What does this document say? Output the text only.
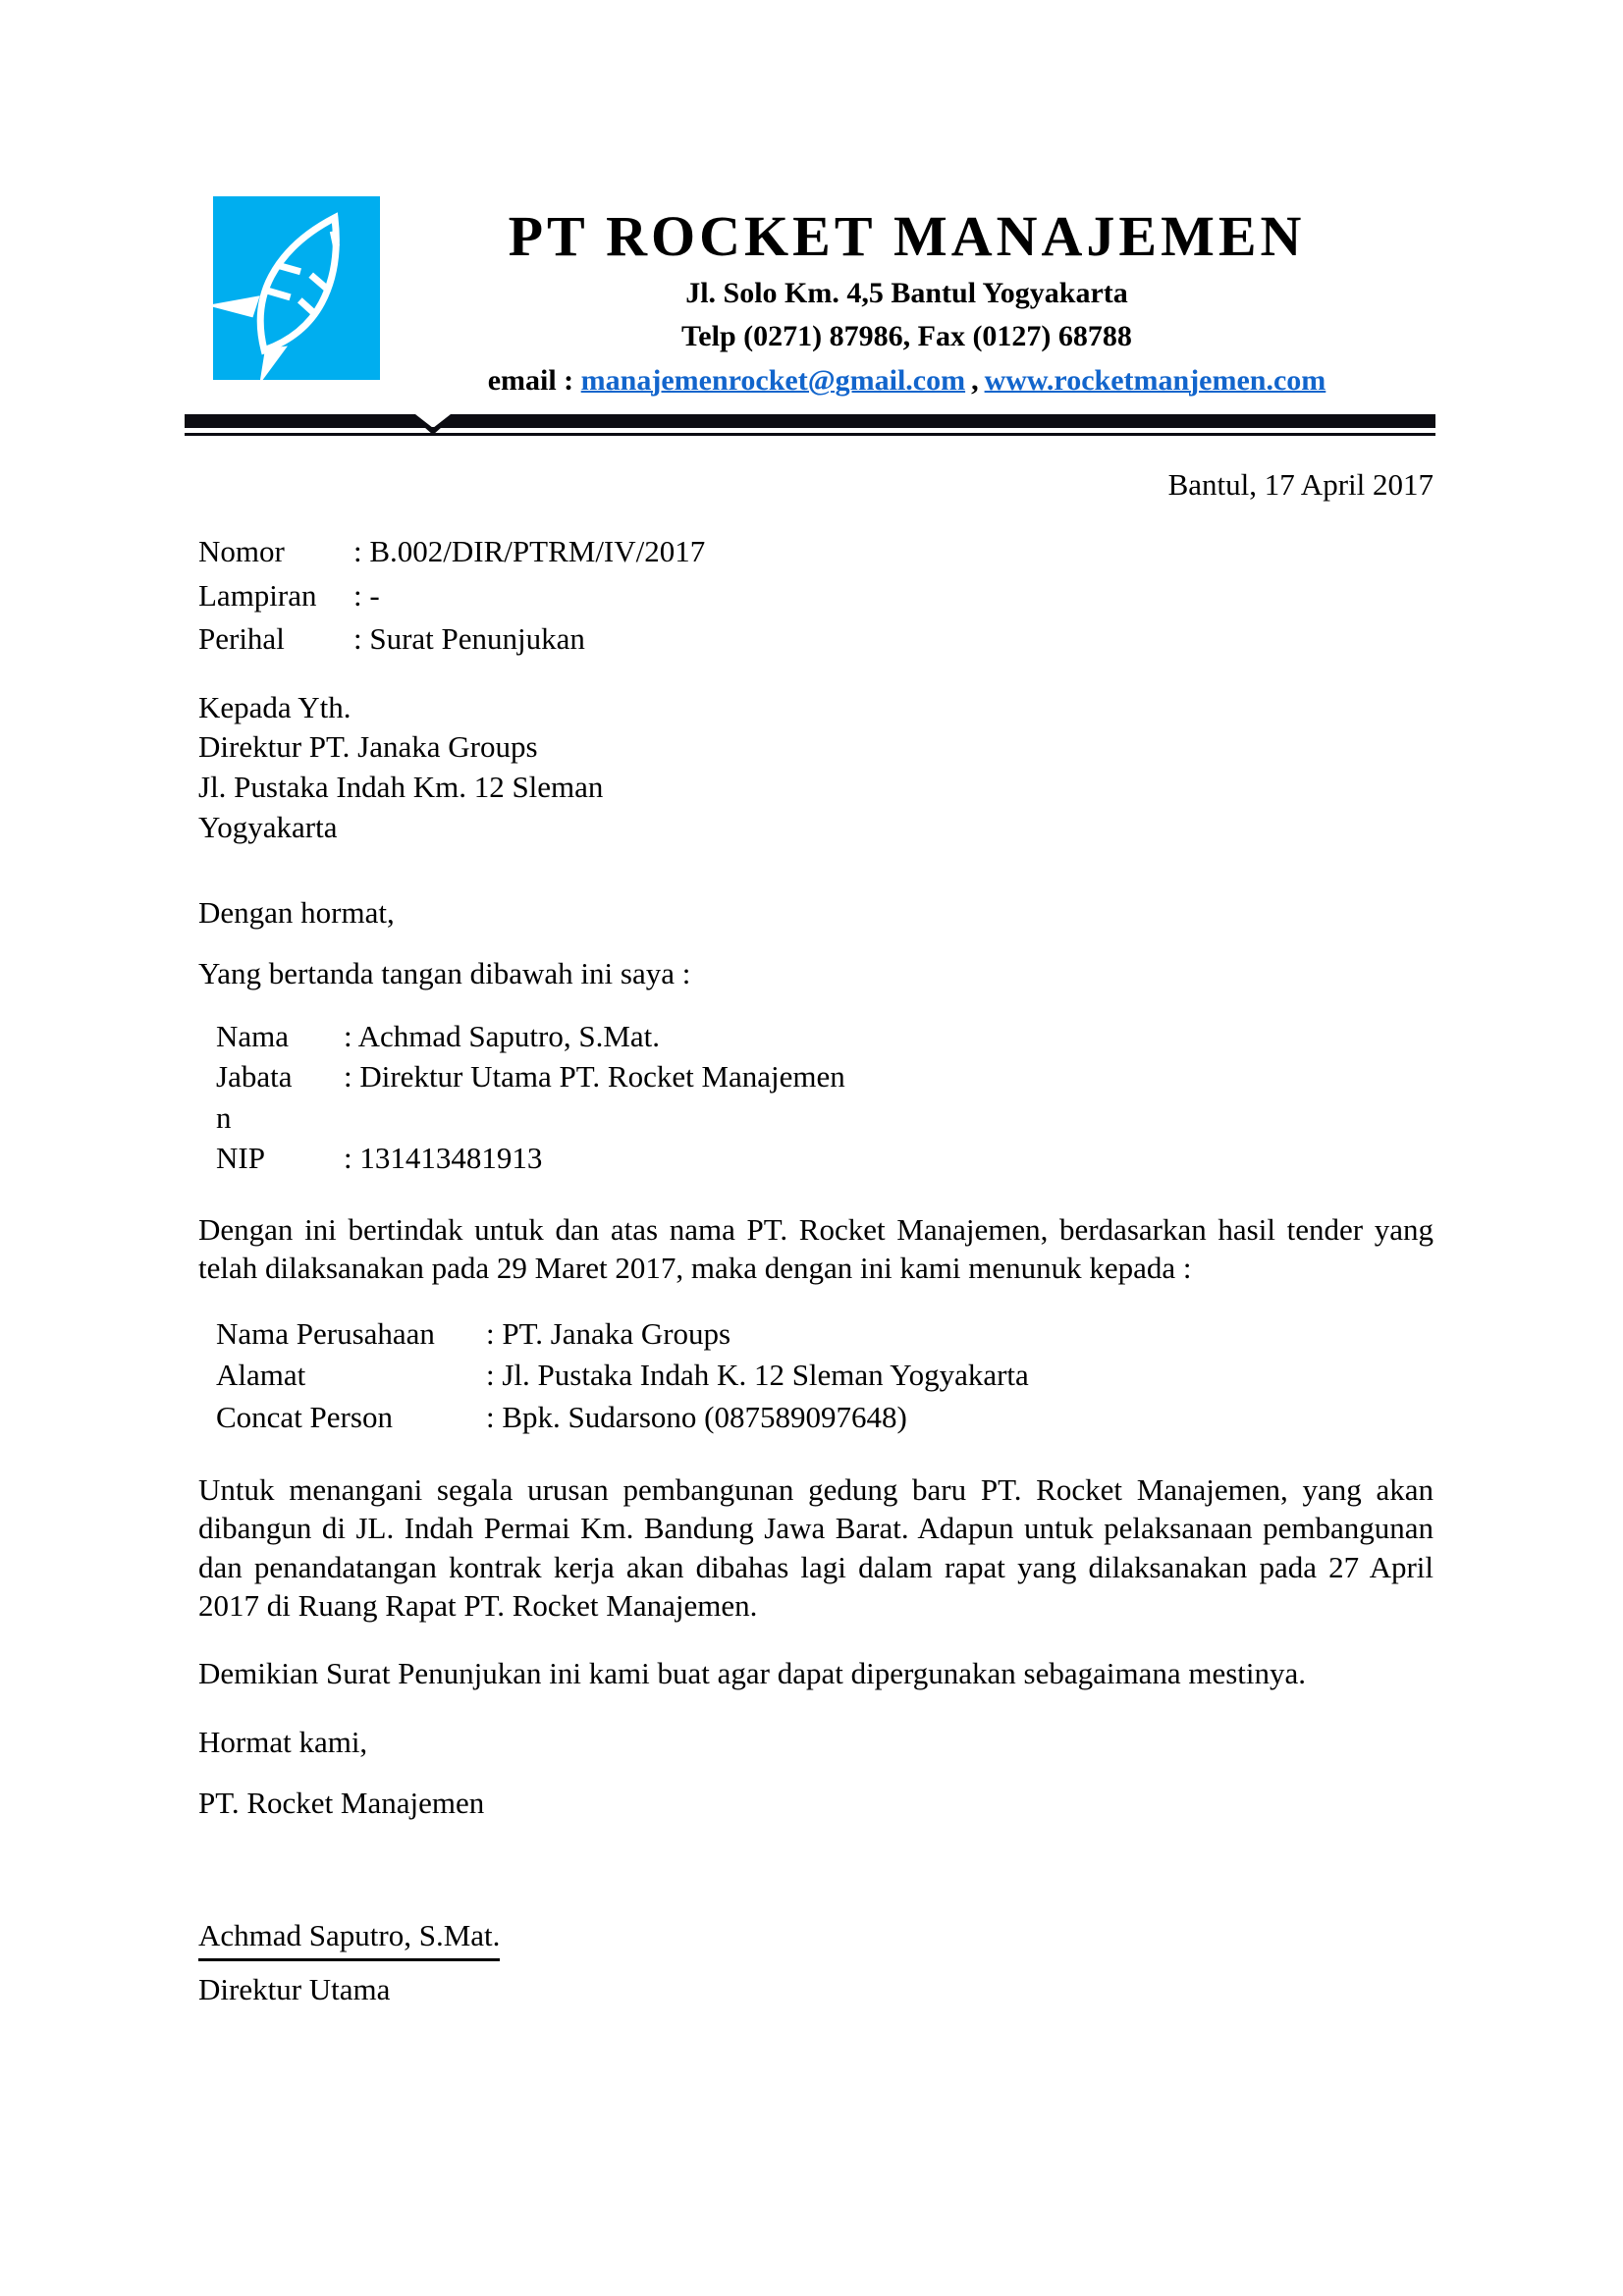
PT ROCKET MANAJEMEN
Jl. Solo Km. 4,5 Bantul Yogyakarta
Telp (0271) 87986, Fax (0127) 68788
email : manajemenrocket@gmail.com , www.rocketmanjemen.com
Bantul, 17 April 2017
Nomor	: B.002/DIR/PTRM/IV/2017
Lampiran	: -
Perihal	: Surat Penunjukan
Kepada Yth.
Direktur PT. Janaka Groups
Jl. Pustaka Indah Km. 12 Sleman
Yogyakarta
Dengan hormat,
Yang bertanda tangan dibawah ini saya :
Nama	: Achmad Saputro, S.Mat.
Jabata	: Direktur Utama PT. Rocket Manajemen
n	
NIP	: 131413481913
Dengan ini bertindak untuk dan atas nama PT. Rocket Manajemen, berdasarkan hasil tender yang telah dilaksanakan pada 29 Maret 2017, maka dengan ini kami menunuk kepada :
Nama Perusahaan	: PT. Janaka Groups
Alamat	: Jl. Pustaka Indah K. 12 Sleman Yogyakarta
Concat Person	: Bpk. Sudarsono (087589097648)
Untuk menangani segala urusan pembangunan gedung baru PT. Rocket Manajemen, yang akan dibangun di JL. Indah Permai Km. Bandung Jawa Barat. Adapun untuk pelaksanaan pembangunan dan penandatangan kontrak kerja akan dibahas lagi dalam rapat yang dilaksanakan pada 27 April 2017 di Ruang Rapat PT. Rocket Manajemen.
Demikian Surat Penunjukan ini kami buat agar dapat dipergunakan sebagaimana mestinya.
Hormat kami,
PT. Rocket Manajemen
Achmad Saputro, S.Mat.
Direktur Utama
